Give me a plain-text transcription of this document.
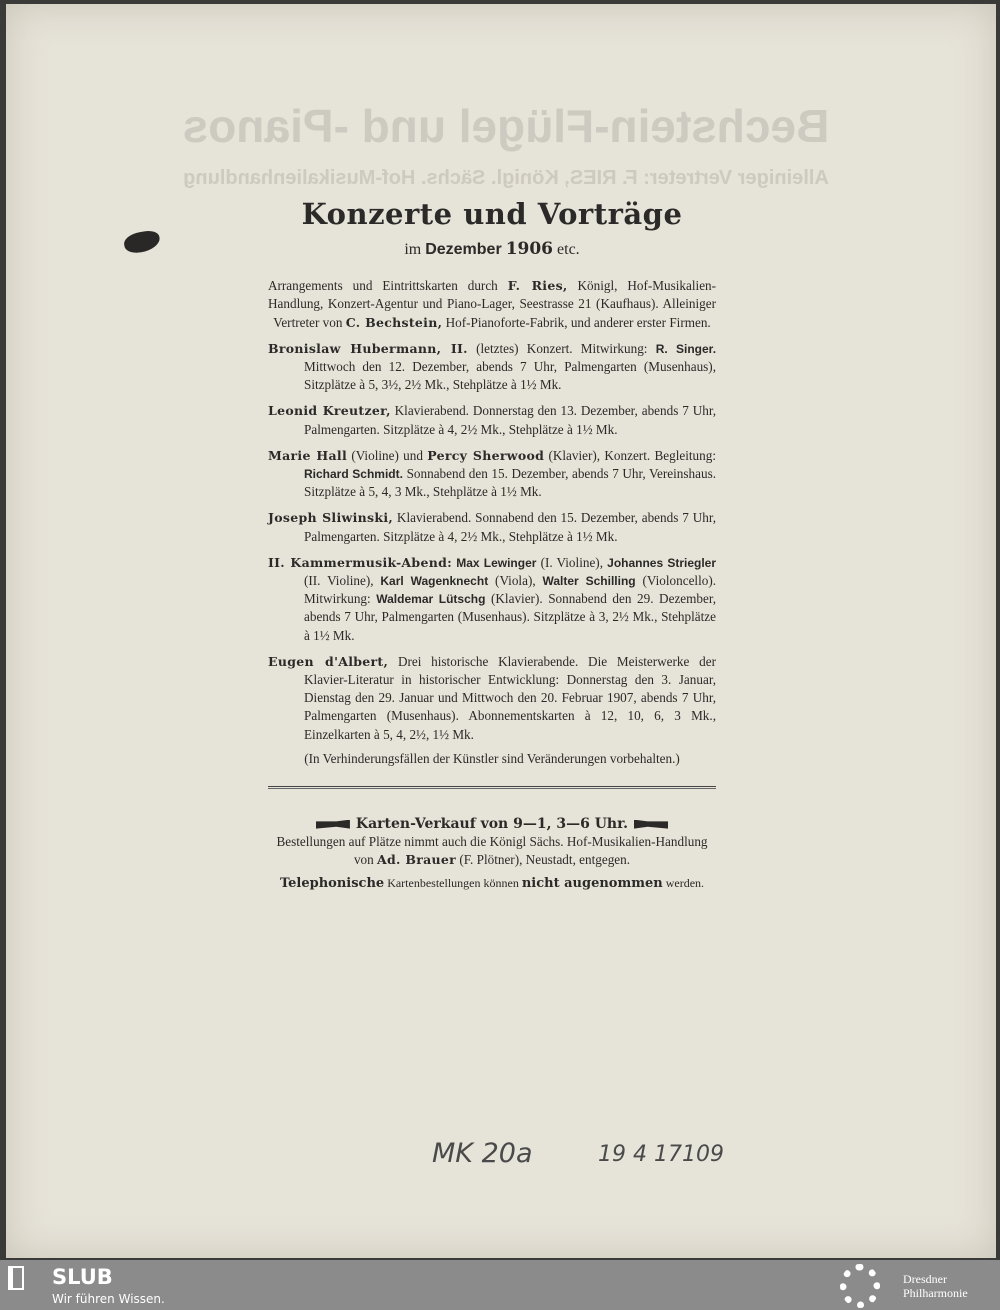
Bechstein-Flügel und -Pianos
Alleiniger Vertreter: F. RIES, Königl. Sächs. Hof-Musikalienhandlung
Konzerte und Vorträge
im Dezember 1906 etc.

Arrangements und Eintrittskarten durch F. Ries, Königl, Hof-Musikalien-Handlung, Konzert-Agentur und Piano-Lager, Seestrasse 21 (Kaufhaus). Alleiniger Vertreter von C. Bechstein, Hof-Pianoforte-Fabrik, und anderer erster Firmen.

Bronislaw Hubermann, II. (letztes) Konzert. Mitwirkung: R. Singer. Mittwoch den 12. Dezember, abends 7 Uhr, Palmengarten (Musenhaus), Sitzplätze à 5, 3½, 2½ Mk., Stehplätze à 1½ Mk.

Leonid Kreutzer, Klavierabend. Donnerstag den 13. Dezember, abends 7 Uhr, Palmengarten. Sitzplätze à 4, 2½ Mk., Stehplätze à 1½ Mk.

Marie Hall (Violine) und Percy Sherwood (Klavier), Konzert. Begleitung: Richard Schmidt. Sonnabend den 15. Dezember, abends 7 Uhr, Vereinshaus. Sitzplätze à 5, 4, 3 Mk., Stehplätze à 1½ Mk.

Joseph Sliwinski, Klavierabend. Sonnabend den 15. Dezember, abends 7 Uhr, Palmengarten. Sitzplätze à 4, 2½ Mk., Stehplätze à 1½ Mk.

II. Kammermusik-Abend: Max Lewinger (I. Violine), Johannes Striegler (II. Violine), Karl Wagenknecht (Viola), Walter Schilling (Violoncello). Mitwirkung: Waldemar Lütschg (Klavier). Sonnabend den 29. Dezember, abends 7 Uhr, Palmengarten (Musenhaus). Sitzplätze à 3, 2½ Mk., Stehplätze à 1½ Mk.

Eugen d'Albert, Drei historische Klavierabende. Die Meisterwerke der Klavier-Literatur in historischer Entwicklung: Donnerstag den 3. Januar, Dienstag den 29. Januar und Mittwoch den 20. Februar 1907, abends 7 Uhr, Palmengarten (Musenhaus). Abonnementskarten à 12, 10, 6, 3 Mk., Einzelkarten à 5, 4, 2½, 1½ Mk.

(In Verhinderungsfällen der Künstler sind Veränderungen vorbehalten.)

Karten-Verkauf von 9—1, 3—6 Uhr.

Bestellungen auf Plätze nimmt auch die Königl Sächs. Hof-Musikalien-Handlung von Ad. Brauer (F. Plötner), Neustadt, entgegen.

Telephonische Kartenbestellungen können nicht augenommen werden.

MK 20a	19 4 17109
SLUB
Wir führen Wissen.
Dresdner
Philharmonie
